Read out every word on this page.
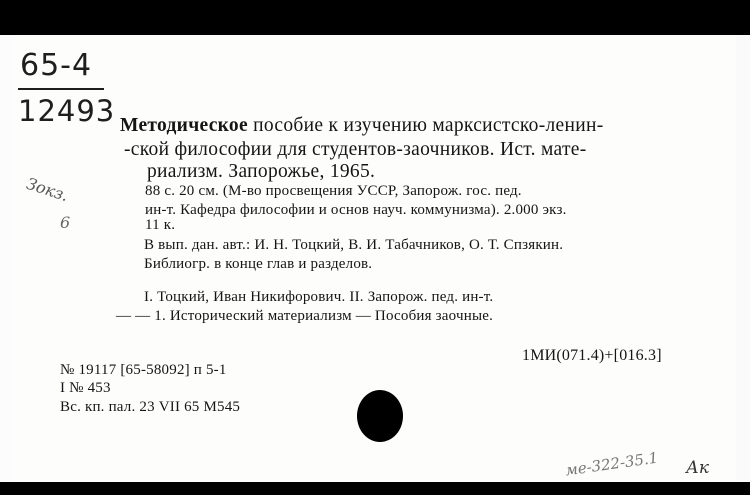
65-4
12493
Зокз.
6
Методическое пособие к изучению марксистско-ленин-
-ской философии для студентов-заочников. Ист. мате-
риализм. Запорожье, 1965.
88 с. 20 см. (М-во просвещения УССР, Запорож. гос. пед.
ин-т. Кафедра философии и основ науч. коммунизма). 2.000 экз.
11 к.
В вып. дан. авт.: И. Н. Тоцкий, В. И. Табачников, О. Т. Спзякин.
Библиогр. в конце глав и разделов.
I. Тоцкий, Иван Никифорович. II. Запорож. пед. ин-т.
— — 1. Исторический материализм — Пособия заочные.
1МИ(071.4)+[016.3]
№ 19117 [65-58092] п 5-1
I № 453
Вс. кп. пал. 23 VII 65 М545
ме-322-35.1 Ак
